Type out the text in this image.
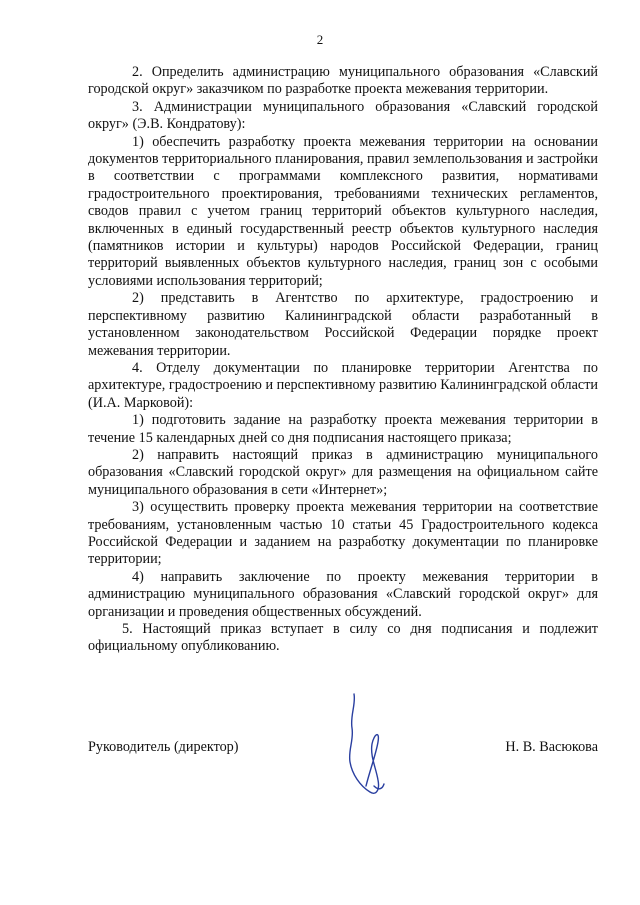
2

2. Определить администрацию муниципального образования «Славский городской округ» заказчиком по разработке проекта межевания территории.

3. Администрации муниципального образования «Славский городской округ» (Э.В. Кондратову):

1) обеспечить разработку проекта межевания территории на основании документов территориального планирования, правил землепользования и застройки в соответствии с программами комплексного развития, нормативами градостроительного проектирования, требованиями технических регламентов, сводов правил с учетом границ территорий объектов культурного наследия, включенных в единый государственный реестр объектов культурного наследия (памятников истории и культуры) народов Российской Федерации, границ территорий выявленных объектов культурного наследия, границ зон с особыми условиями использования территорий;

2) представить в Агентство по архитектуре, градостроению и перспективному развитию Калининградской области разработанный в установленном законодательством Российской Федерации порядке проект межевания территории.

4. Отделу документации по планировке территории Агентства по архитектуре, градостроению и перспективному развитию Калининградской области (И.А. Марковой):

1) подготовить задание на разработку проекта межевания территории в течение 15 календарных дней со дня подписания настоящего приказа;

2) направить настоящий приказ в администрацию муниципального образования «Славский городской округ» для размещения на официальном сайте муниципального образования в сети «Интернет»;

3) осуществить проверку проекта межевания территории на соответствие требованиям, установленным частью 10 статьи 45 Градостроительного кодекса Российской Федерации и заданием на разработку документации по планировке территории;

4) направить заключение по проекту межевания территории в администрацию муниципального образования «Славский городской округ» для организации и проведения общественных обсуждений.

5. Настоящий приказ вступает в силу со дня подписания и подлежит официальному опубликованию.

Руководитель (директор)	Н. В. Васюкова
